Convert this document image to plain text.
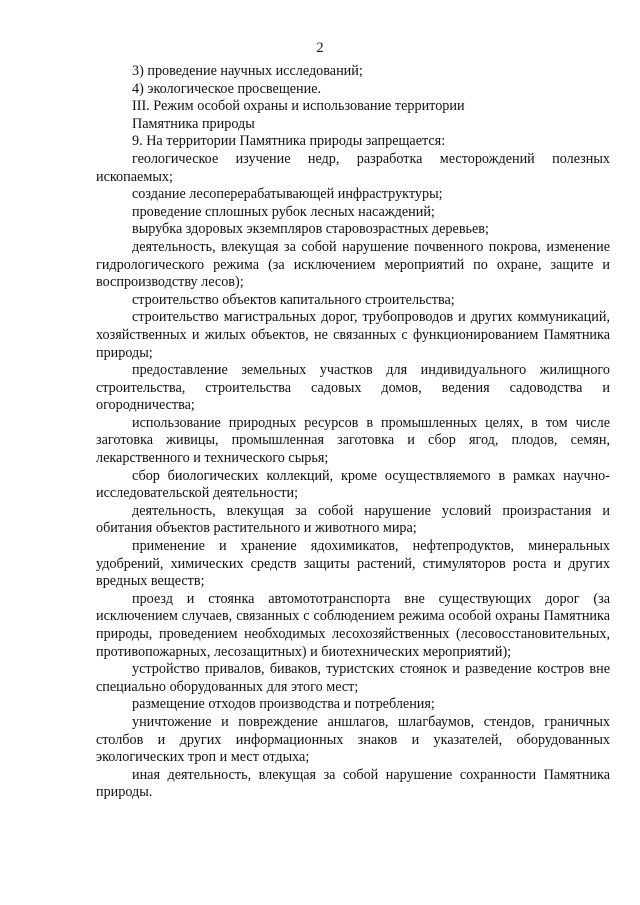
2

3) проведение научных исследований;

4) экологическое просвещение.

III. Режим особой охраны и использование территории
Памятника природы

9. На территории Памятника природы запрещается:

геологическое изучение недр, разработка месторождений полезных ископаемых;

создание лесоперерабатывающей инфраструктуры;

проведение сплошных рубок лесных насаждений;

вырубка здоровых экземпляров старовозрастных деревьев;

деятельность, влекущая за собой нарушение почвенного покрова, изменение гидрологического режима (за исключением мероприятий по охране, защите и воспроизводству лесов);

строительство объектов капитального строительства;

строительство магистральных дорог, трубопроводов и других коммуникаций, хозяйственных и жилых объектов, не связанных с функционированием Памятника природы;

предоставление земельных участков для индивидуального жилищного строительства, строительства садовых домов, ведения садоводства и огородничества;

использование природных ресурсов в промышленных целях, в том числе заготовка живицы, промышленная заготовка и сбор ягод, плодов, семян, лекарственного и технического сырья;

сбор биологических коллекций, кроме осуществляемого в рамках научно-исследовательской деятельности;

деятельность, влекущая за собой нарушение условий произрастания и обитания объектов растительного и животного мира;

применение и хранение ядохимикатов, нефтепродуктов, минеральных удобрений, химических средств защиты растений, стимуляторов роста и других вредных веществ;

проезд и стоянка автомототранспорта вне существующих дорог (за исключением случаев, связанных с соблюдением режима особой охраны Памятника природы, проведением необходимых лесохозяйственных (лесовосстановительных, противопожарных, лесозащитных) и биотехнических мероприятий);

устройство привалов, биваков, туристских стоянок и разведение костров вне специально оборудованных для этого мест;

размещение отходов производства и потребления;

уничтожение и повреждение аншлагов, шлагбаумов, стендов, граничных столбов и других информационных знаков и указателей, оборудованных экологических троп и мест отдыха;

иная деятельность, влекущая за собой нарушение сохранности Памятника природы.
